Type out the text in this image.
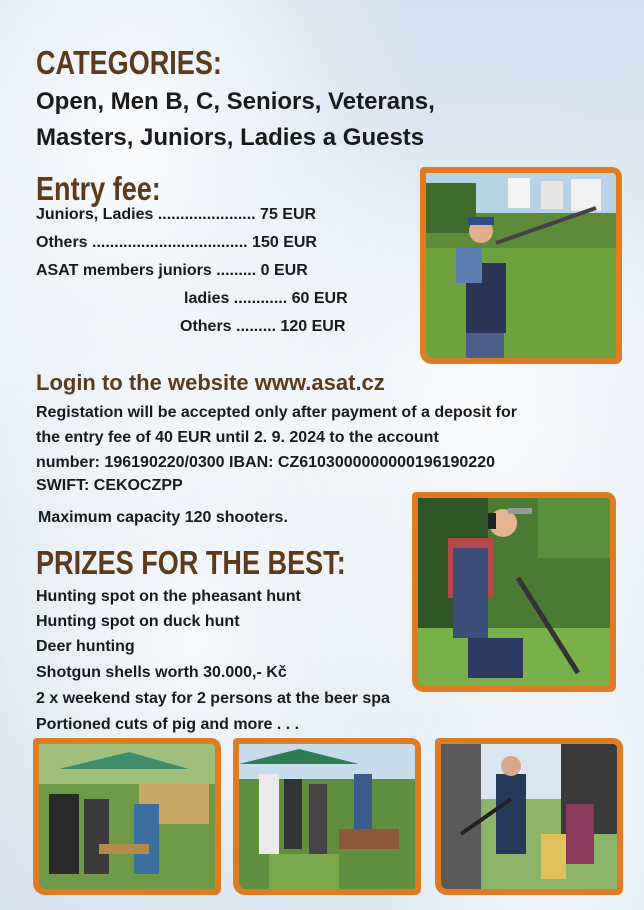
CATEGORIES:
Open, Men B, C, Seniors, Veterans,
Masters, Juniors, Ladies a Guests
Entry fee:
Juniors, Ladies ...................... 75 EUR
Others ................................... 150 EUR
ASAT members juniors ......... 0 EUR
ladies ............ 60 EUR
Others ......... 120 EUR
Login to the website www.asat.cz
Registation will be accepted only after payment of a deposit for
the entry fee of 40 EUR until 2. 9. 2024 to the account
number: 196190220/0300 IBAN: CZ6103000000000196190220
SWIFT: CEKOCZPP
Maximum capacity 120 shooters.
PRIZES FOR THE BEST:
Hunting spot on the pheasant hunt
Hunting spot on duck hunt
Deer hunting
Shotgun shells worth 30.000,- Kč
2 x weekend stay for 2 persons at the beer spa
Portioned cuts of pig and more . . .
